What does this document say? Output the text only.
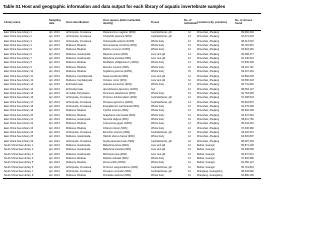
Table S1 Host and geographic information and data output for each library of aquatic invertebrate samples
Library name	Sampling date	Host classification	Host species (latin/ nucleotide identity)	Tissue	No. of individuals	Location (city, province)	No. of viruses found
East China Sea Library 1	Apr. 2013	Arthropoda, Crustacea	Metacarcinus magister (99%)	Cephalothorax, gill	12	Zhoushan, Zhejiang	99,992,432
East China Sea Library 2	Apr. 2013	Arthropoda, Crustacea	Charybdis japonica (99%)	Cephalothorax, gill	13	Zhoushan, Zhejiang	94,471,618
East China Sea Library 3	Apr. 2013	Arthropoda, Crustacea	Oratosquilla oratoria (100%)	Whole body	12	Zhoushan, Zhejiang	98,413,097
East China Sea Library 4	Apr. 2013	Mollusca, Bivalvia	Sinonovacula constricta (99%)	Whole body	13	Zhoushan, Zhejiang	95,702,651
East China Sea Library 5	Apr. 2013	Mollusca, Bivalvia	Mytilus coruscus (100%)	Whole body	12	Zhoushan, Zhejiang	93,618,260
East China Sea Library 6	Apr. 2013	Mollusca, Gastropoda	Rapana venosa (99%)	Liver and gill	14	Zhoushan, Zhejiang	96,258,377
East China Sea Library 7	Apr. 2013	Mollusca, Gastropoda	Babylonia areolata (99%)	Liver and gill	12	Zhoushan, Zhejiang	92,130,544
East China Sea Library 8	Apr. 2013	Mollusca, Bivalvia	Ruditapes philippinarum (100%)	Whole body	13	Zhoushan, Zhejiang	97,845,309
East China Sea Library 9	Apr. 2013	Mollusca, Bivalvia	Meretrix meretrix (99%)	Whole body	12	Zhoushan, Zhejiang	95,116,742
East China Sea Library 10	Apr. 2013	Mollusca, Bivalvia	Tegillarca granosa (100%)	Whole body	15	Zhoushan, Zhejiang	99,307,281
East China Sea Library 11	Apr. 2013	Mollusca, Cephalopoda	Sepia esculenta (99%)	Liver and gill	12	Zhoushan, Zhejiang	94,882,035
East China Sea Library 12	Apr. 2013	Mollusca, Cephalopoda	Octopus minor (99%)	Liver and gill	12	Zhoushan, Zhejiang	93,590,418
East China Sea Library 13	Apr. 2013	Echinodermata	Asterias amurensis (99%)	Whole body	13	Zhoushan, Zhejiang	96,741,662
East China Sea Library 14	Apr. 2013	Echinodermata	Apostichopus japonicus (100%)	Gut	12	Zhoushan, Zhejiang	98,054,127
East China Sea Library 15	Apr. 2013	Annelida, Polychaeta	Perinereis aibuhitensis (99%)	Whole body	14	Zhoushan, Zhejiang	92,763,905
East China Sea Library 16	Apr. 2013	Arthropoda, Crustacea	Portunus trituberculatus (99%)	Cephalothorax, gill	12	Zhoushan, Zhejiang	97,208,534
East China Sea Library 17	Apr. 2013	Arthropoda, Crustacea	Penaeus japonicus (100%)	Cephalothorax, gill	13	Zhoushan, Zhejiang	95,663,870
East China Sea Library 18	Apr. 2013	Arthropoda, Crustacea	Exopalaemon carinicauda (99%)	Whole body	12	Zhoushan, Zhejiang	94,175,296
East China Sea Library 19	Apr. 2013	Mollusca, Bivalvia	Cyclina sinensis (99%)	Whole body	12	Zhoushan, Zhejiang	96,902,448
East China Sea Library 20	Apr. 2013	Mollusca, Bivalvia	Scapharca subcrenata (99%)	Whole body	12	Zhoushan, Zhejiang	93,337,081
East China Sea Library 21	Apr. 2013	Mollusca, Gastropoda	Neverita didyma (99%)	Whole body	12	Zhoushan, Zhejiang	98,611,759
East China Sea Library 22	Apr. 2013	Mollusca, Bivalvia	Crassostrea gigas (100%)	Whole body	12	Zhoushan, Zhejiang	95,044,316
East China Sea Library 23	Apr. 2013	Mollusca, Bivalvia	Chlamys farreri (99%)	Whole body	12	Zhoushan, Zhejiang	97,430,982
East China Sea Library 24	Apr. 2013	Arthropoda, Crustacea	Eriocheir sinensis (99%)	Cephalothorax, gill	12	Zhoushan, Zhejiang	96,118,473
East China Sea Library 25	Apr. 2013	Mollusca, Gastropoda	Haliotis discus hannai (99%)	Whole body	12	Zhoushan, Zhejiang	94,526,807
East China Sea Library 26	Apr. 2013	Arthropoda, Crustacea	Scylla paramamosain (99%)	Cephalothorax, gill	12	Zhoushan, Zhejiang	98,287,154
South China Sea Library 1	Apr. 2013	Mollusca, Gastropoda	Babylonia lutosa (99%)	Liver and gill	12	Beihai, Guangxi	95,871,226
South China Sea Library 2	Apr. 2013	Mollusca, Gastropoda	Babylonia areolata (99%)	Liver and gill	12	Beihai, Guangxi	93,208,659
South China Sea Library 3	Apr. 2013	Mollusca, Gastropoda	Bufonaria rana (99%)	Liver and gill	12	Beihai, Guangxi	96,547,013
South China Sea Library 4	Apr. 2013	Mollusca, Bivalvia	Paphia undulata (99%)	Whole body	12	Beihai, Guangxi	97,932,580
South China Sea Library 5	Apr. 2013	Mollusca, Bivalvia	Perna viridis (100%)	Whole body	12	Beihai, Guangxi	94,360,127
South China Sea Library 6	Apr. 2013	Arthropoda, Crustacea	Portunus sanguinolentus (99%)	Cephalothorax, gill	12	Beihai, Guangxi	95,719,844
South China Sea Library 7	Apr. 2013	Arthropoda, Crustacea	Penaeus monodon (99%)	Cephalothorax, gill	12	Zhanjiang, Guangdong	98,043,692
South China Sea Library 8	Apr. 2013	Mollusca, Bivalvia	Pinctada martensii (99%)	Whole body	12	Zhanjiang, Guangdong	93,880,405
